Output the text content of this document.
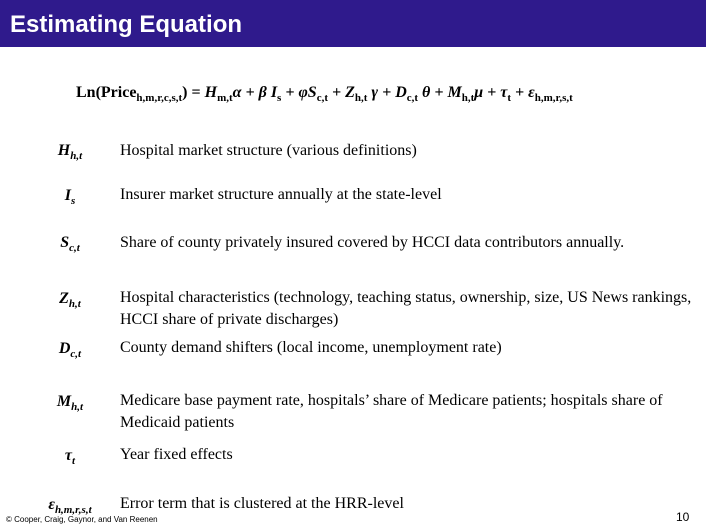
Estimating Equation
Ln(Price$_{h,m,r,c,s,t}$) = $H_{m,t}\alpha + \beta$ $I_s + \varphi S_{c,t} + Z_{h,t}$ $\gamma + D_{c,t}$ $\theta + M_{h,t}\mu + \tau_t + \varepsilon_{h,m,r,s,t}$
$H_{h,t}$	Hospital market structure (various definitions)
$I_s$	Insurer market structure annually at the state-level
$S_{c,t}$	Share of county privately insured covered by HCCI data contributors annually.
$Z_{h,t}$	Hospital characteristics (technology, teaching status, ownership, size, US News rankings, HCCI share of private discharges)
$D_{c,t}$	County demand shifters (local income, unemployment rate)
$M_{h,t}$	Medicare base payment rate, hospitals’ share of Medicare patients; hospitals share of Medicaid patients
$\tau_t$	Year fixed effects
$\varepsilon_{h,m,r,s,t}$	Error term that is clustered at the HRR-level
© Cooper, Craig, Gaynor, and Van Reenen	10
